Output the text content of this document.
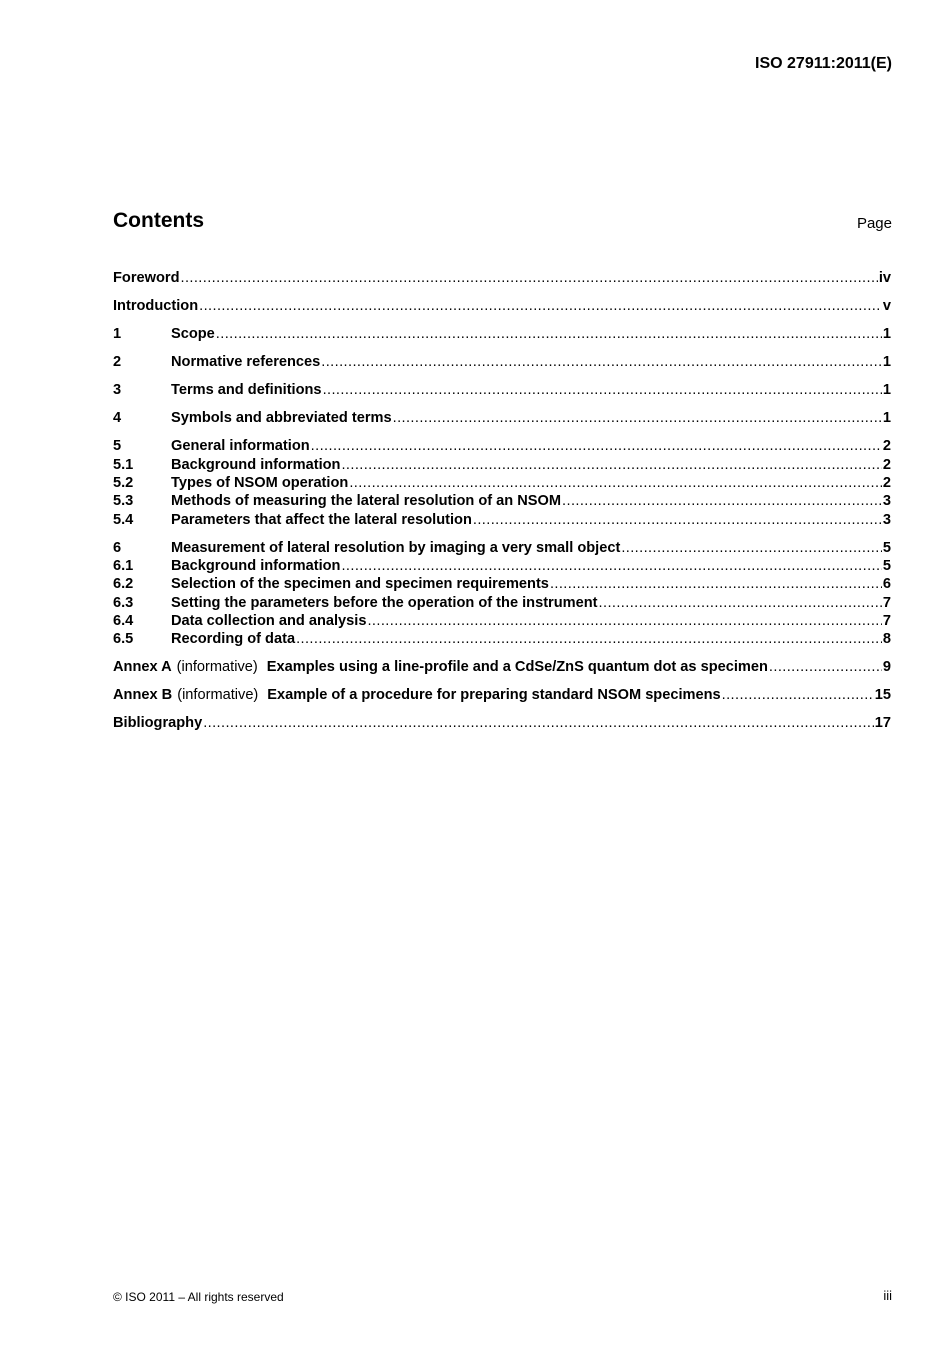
ISO 27911:2011(E)
Contents	Page
Foreword .....	iv
Introduction .....	v
1	Scope .....	1
2	Normative references .....	1
3	Terms and definitions .....	1
4	Symbols and abbreviated terms .....	1
5	General information .....	2
5.1	Background information .....	2
5.2	Types of NSOM operation .....	2
5.3	Methods of measuring the lateral resolution of an NSOM .....	3
5.4	Parameters that affect the lateral resolution .....	3
6	Measurement of lateral resolution by imaging a very small object .....	5
6.1	Background information .....	5
6.2	Selection of the specimen and specimen requirements .....	6
6.3	Setting the parameters before the operation of the instrument .....	7
6.4	Data collection and analysis .....	7
6.5	Recording of data .....	8
Annex A (informative) Examples using a line-profile and a CdSe/ZnS quantum dot as specimen .....	9
Annex B (informative) Example of a procedure for preparing standard NSOM specimens .....	15
Bibliography .....	17
© ISO 2011 – All rights reserved	iii
